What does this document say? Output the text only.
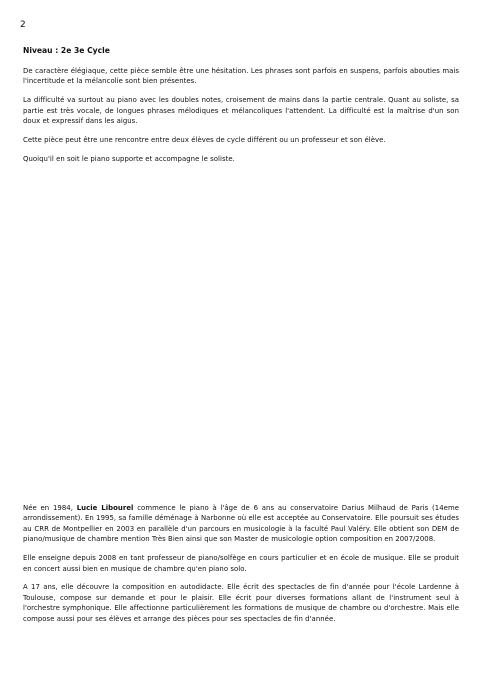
2
Niveau : 2e 3e Cycle

De caractère élégiaque, cette pièce semble être une hésitation. Les phrases sont parfois en suspens, parfois abouties mais l'incertitude et la mélancolie sont bien présentes.

La difficulté va surtout au piano avec les doubles notes, croisement de mains dans la partie centrale. Quant au soliste, sa partie est très vocale, de longues phrases mélodiques et mélancoliques l'attendent. La difficulté est la maîtrise d'un son doux et expressif dans les aigus.

Cette pièce peut être une rencontre entre deux élèves de cycle différent ou un professeur et son élève.

Quoiqu'il en soit le piano supporte et accompagne le soliste.

Née en 1984, Lucie Libourel commence le piano à l'âge de 6 ans au conservatoire Darius Milhaud de Paris (14eme arrondissement). En 1995, sa famille déménage à Narbonne où elle est acceptée au Conservatoire. Elle poursuit ses études au CRR de Montpellier en 2003 en parallèle d'un parcours en musicologie à la faculté Paul Valéry. Elle obtient son DEM de piano/musique de chambre mention Très Bien ainsi que son Master de musicologie option composition en 2007/2008.

Elle enseigne depuis 2008 en tant professeur de piano/solfège en cours particulier et en école de musique. Elle se produit en concert aussi bien en musique de chambre qu'en piano solo.

A 17 ans, elle découvre la composition en autodidacte. Elle écrit des spectacles de fin d'année pour l'école Lardenne à Toulouse, compose sur demande et pour le plaisir. Elle écrit pour diverses formations allant de l'instrument seul à l'orchestre symphonique. Elle affectionne particulièrement les formations de musique de chambre ou d'orchestre. Mais elle compose aussi pour ses élèves et arrange des pièces pour ses spectacles de fin d'année.
